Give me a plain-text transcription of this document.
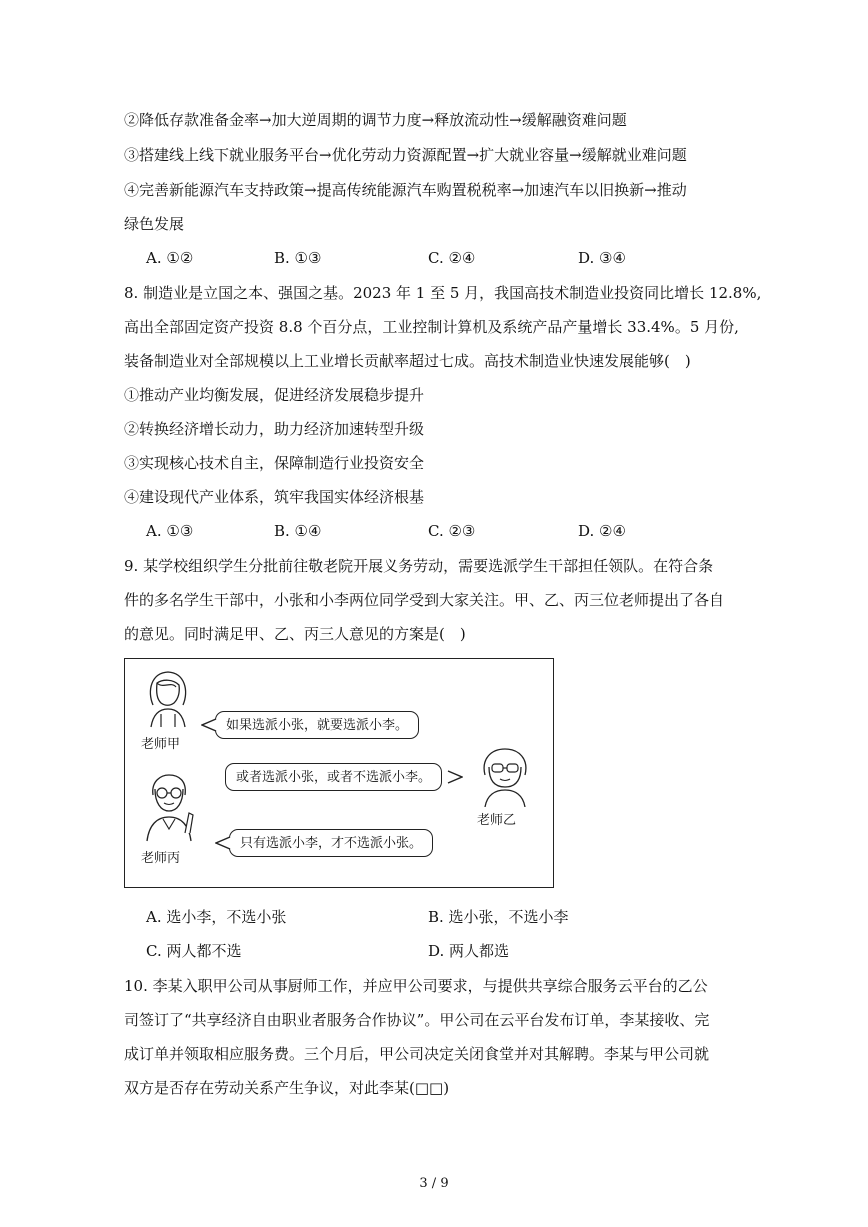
②降低存款准备金率→加大逆周期的调节力度→释放流动性→缓解融资难问题
③搭建线上线下就业服务平台→优化劳动力资源配置→扩大就业容量→缓解就业难问题
④完善新能源汽车支持政策→提高传统能源汽车购置税税率→加速汽车以旧换新→推动
绿色发展
A. ①②	B. ①③	C. ②④	D. ③④
8. 制造业是立国之本、强国之基。2023 年 1 至 5 月，我国高技术制造业投资同比增长 12.8%,
高出全部固定资产投资 8.8 个百分点，工业控制计算机及系统产品产量增长 33.4%。5 月份,
装备制造业对全部规模以上工业增长贡献率超过七成。高技术制造业快速发展能够(　)
①推动产业均衡发展，促进经济发展稳步提升
②转换经济增长动力，助力经济加速转型升级
③实现核心技术自主，保障制造行业投资安全
④建设现代产业体系，筑牢我国实体经济根基
A. ①③	B. ①④	C. ②③	D. ②④
9. 某学校组织学生分批前往敬老院开展义务劳动，需要选派学生干部担任领队。在符合条
件的多名学生干部中，小张和小李两位同学受到大家关注。甲、乙、丙三位老师提出了各自
的意见。同时满足甲、乙、丙三人意见的方案是(　)
老师甲
老师丙
老师乙
如果选派小张，就要选派小李。
或者选派小张，或者不选派小李。
只有选派小李，才不选派小张。
A. 选小李，不选小张	B. 选小张，不选小李
C. 两人都不选	D. 两人都选
10. 李某入职甲公司从事厨师工作，并应甲公司要求，与提供共享综合服务云平台的乙公
司签订了“共享经济自由职业者服务合作协议”。甲公司在云平台发布订单，李某接收、完
成订单并领取相应服务费。三个月后，甲公司决定关闭食堂并对其解聘。李某与甲公司就
双方是否存在劳动关系产生争议，对此李某(□□)
3 / 9
